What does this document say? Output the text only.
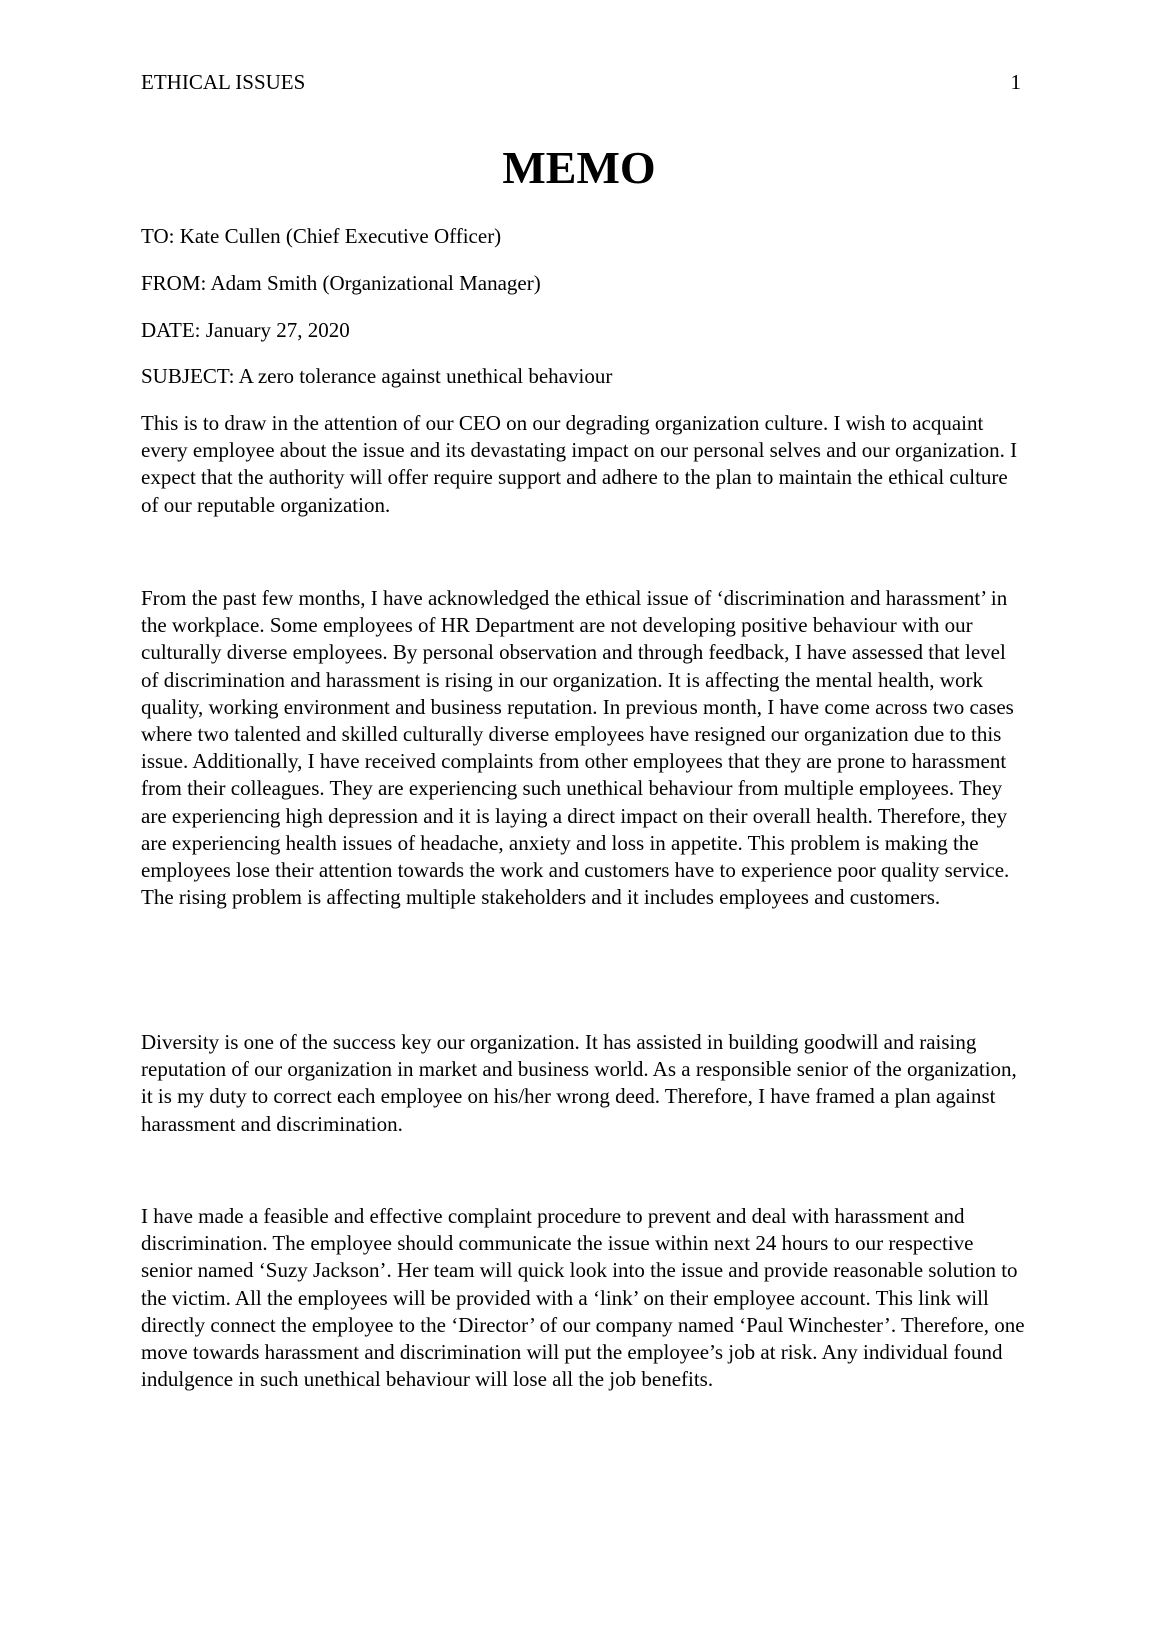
ETHICAL ISSUES	1
MEMO

TO: Kate Cullen (Chief Executive Officer)

FROM: Adam Smith (Organizational Manager)

DATE: January 27, 2020

SUBJECT: A zero tolerance against unethical behaviour

This is to draw in the attention of our CEO on our degrading organization culture. I wish to acquaint every employee about the issue and its devastating impact on our personal selves and our organization. I expect that the authority will offer require support and adhere to the plan to maintain the ethical culture of our reputable organization.

From the past few months, I have acknowledged the ethical issue of ‘discrimination and harassment’ in the workplace. Some employees of HR Department are not developing positive behaviour with our culturally diverse employees. By personal observation and through feedback, I have assessed that level of discrimination and harassment is rising in our organization. It is affecting the mental health, work quality, working environment and business reputation. In previous month, I have come across two cases where two talented and skilled culturally diverse employees have resigned our organization due to this issue. Additionally, I have received complaints from other employees that they are prone to harassment from their colleagues. They are experiencing such unethical behaviour from multiple employees. They are experiencing high depression and it is laying a direct impact on their overall health. Therefore, they are experiencing health issues of headache, anxiety and loss in appetite. This problem is making the employees lose their attention towards the work and customers have to experience poor quality service. The rising problem is affecting multiple stakeholders and it includes employees and customers.

Diversity is one of the success key our organization. It has assisted in building goodwill and raising reputation of our organization in market and business world. As a responsible senior of the organization, it is my duty to correct each employee on his/her wrong deed. Therefore, I have framed a plan against harassment and discrimination.

I have made a feasible and effective complaint procedure to prevent and deal with harassment and discrimination. The employee should communicate the issue within next 24 hours to our respective senior named ‘Suzy Jackson’. Her team will quick look into the issue and provide reasonable solution to the victim. All the employees will be provided with a ‘link’ on their employee account. This link will directly connect the employee to the ‘Director’ of our company named ‘Paul Winchester’. Therefore, one move towards harassment and discrimination will put the employee’s job at risk. Any individual found indulgence in such unethical behaviour will lose all the job benefits.
